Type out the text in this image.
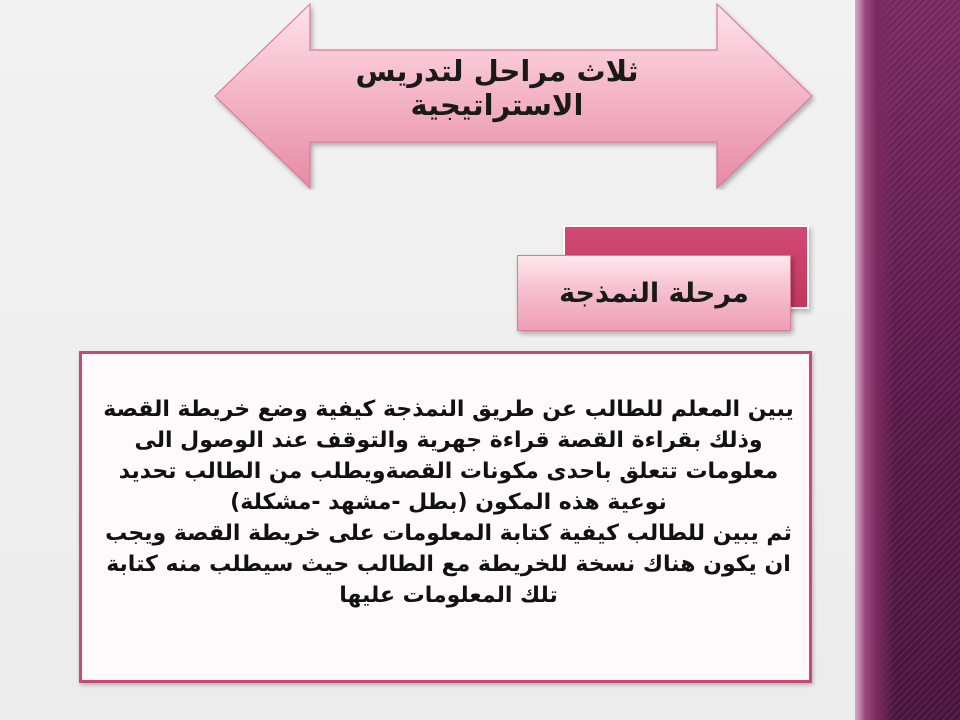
ثلاث مراحل لتدريس الاستراتيجية
مرحلة النمذجة

يبين المعلم للطالب عن طريق النمذجة كيفية وضع خريطة القصة وذلك بقراءة القصة قراءة جهرية والتوقف عند الوصول الى معلومات تتعلق باحدى مكونات القصةويطلب من الطالب تحديد نوعية هذه المكون (بطل -مشهد -مشكلة)

ثم يبين للطالب كيفية كتابة المعلومات على خريطة القصة ويجب ان يكون هناك نسخة للخريطة مع الطالب حيث سيطلب منه كتابة تلك المعلومات عليها
